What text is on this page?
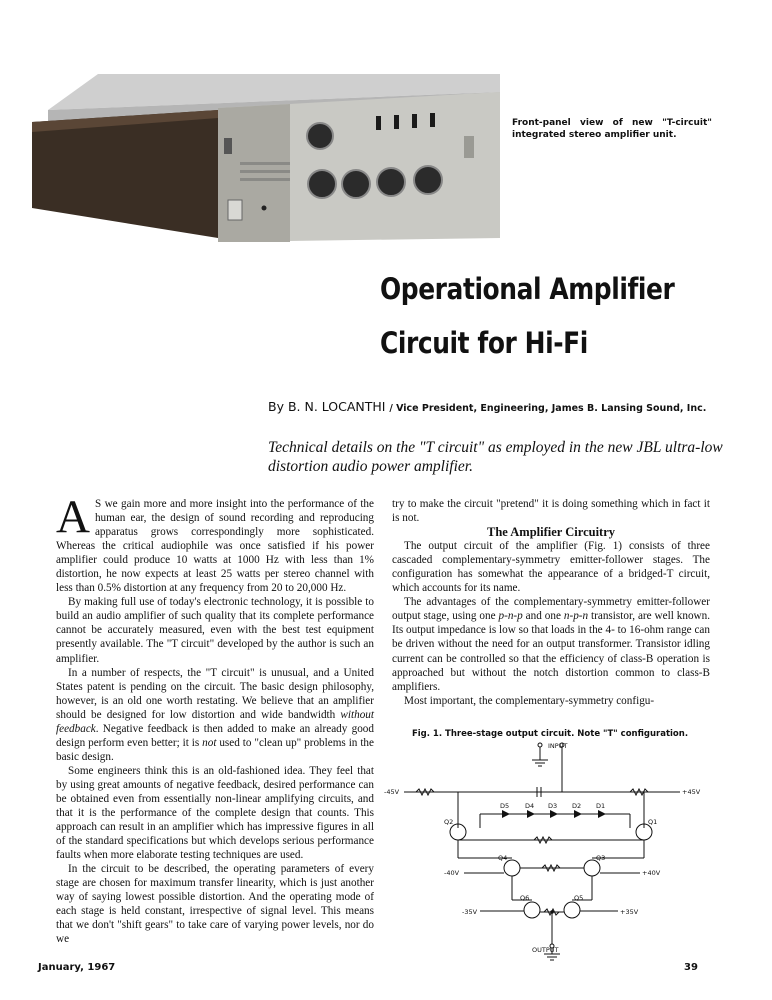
Front-panel view of new "T-circuit" integrated stereo amplifier unit.
Operational Amplifier
Circuit for Hi-Fi
By B. N. LOCANTHI / Vice President, Engineering, James B. Lansing Sound, Inc.
Technical details on the "T circuit" as employed in the new JBL ultra-low distortion audio power amplifier.

A S we gain more and more insight into the performance of the human ear, the design of sound recording and reproducing apparatus grows correspondingly more sophisticated. Whereas the critical audiophile was once satisfied if his power amplifier could produce 10 watts at 1000 Hz with less than 1% distortion, he now expects at least 25 watts per stereo channel with less than 0.5% distortion at any frequency from 20 to 20,000 Hz.

By making full use of today's electronic technology, it is possible to build an audio amplifier of such quality that its complete performance cannot be accurately measured, even with the best test equipment presently available. The "T circuit" developed by the author is such an amplifier.

In a number of respects, the "T circuit" is unusual, and a United States patent is pending on the circuit. The basic design philosophy, however, is an old one worth restating. We believe that an amplifier should be designed for low distortion and wide bandwidth without feedback. Negative feedback is then added to make an already good design perform even better; it is not used to "clean up" problems in the basic design.

Some engineers think this is an old-fashioned idea. They feel that by using great amounts of negative feedback, desired performance can be obtained even from essentially non-linear amplifying circuits, and that it is the performance of the complete design that counts. This approach can result in an amplifier which has impressive figures in all of the standard specifications but which develops serious performance faults when more elaborate testing techniques are used.

In the circuit to be described, the operating parameters of every stage are chosen for maximum transfer linearity, which is just another way of saying lowest possible distortion. And the operating mode of each stage is held constant, irrespective of signal level. This means that we don't "shift gears" to take care of varying power levels, nor do we

try to make the circuit "pretend" it is doing something which in fact it is not.

The Amplifier Circuitry

The output circuit of the amplifier (Fig. 1) consists of three cascaded complementary-symmetry emitter-follower stages. The configuration has somewhat the appearance of a bridged-T circuit, which accounts for its name.

The advantages of the complementary-symmetry emitter-follower output stage, using one p-n-p and one n-p-n transistor, are well known. Its output impedance is low so that loads in the 4- to 16-ohm range can be driven without the need for an output transformer. Transistor idling current can be controlled so that the efficiency of class-B operation is approached but without the notch distortion common to class-B amplifiers.

Most important, the complementary-symmetry configu-

Fig. 1. Three-stage output circuit. Note "T" configuration.
INPUT
OUTPUT
-45V	+45V
-40V	+40V
-35V	+35V
D5 D4 D3 D2 D1
Q2	Q1
Q4	Q3
Q6	Q5
January, 1967	39
